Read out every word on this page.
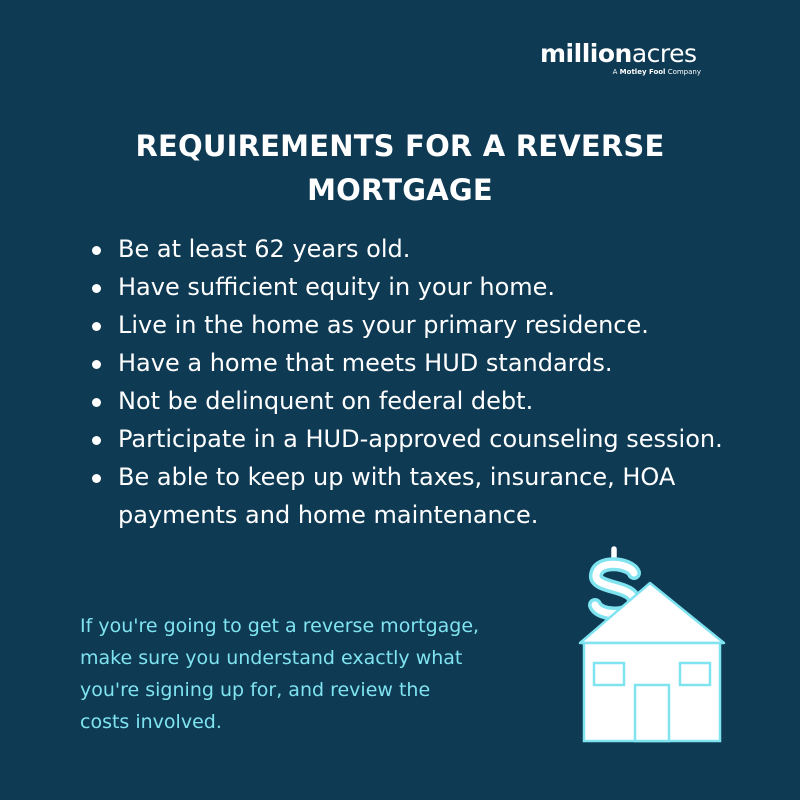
millionacres
A Motley Fool Company
REQUIREMENTS FOR A REVERSE MORTGAGE
Be at least 62 years old.
Have sufficient equity in your home.
Live in the home as your primary residence.
Have a home that meets HUD standards.
Not be delinquent on federal debt.
Participate in a HUD-approved counseling session.
Be able to keep up with taxes, insurance, HOA payments and home maintenance.

If you're going to get a reverse mortgage, make sure you understand exactly what you're signing up for, and review the costs involved.
